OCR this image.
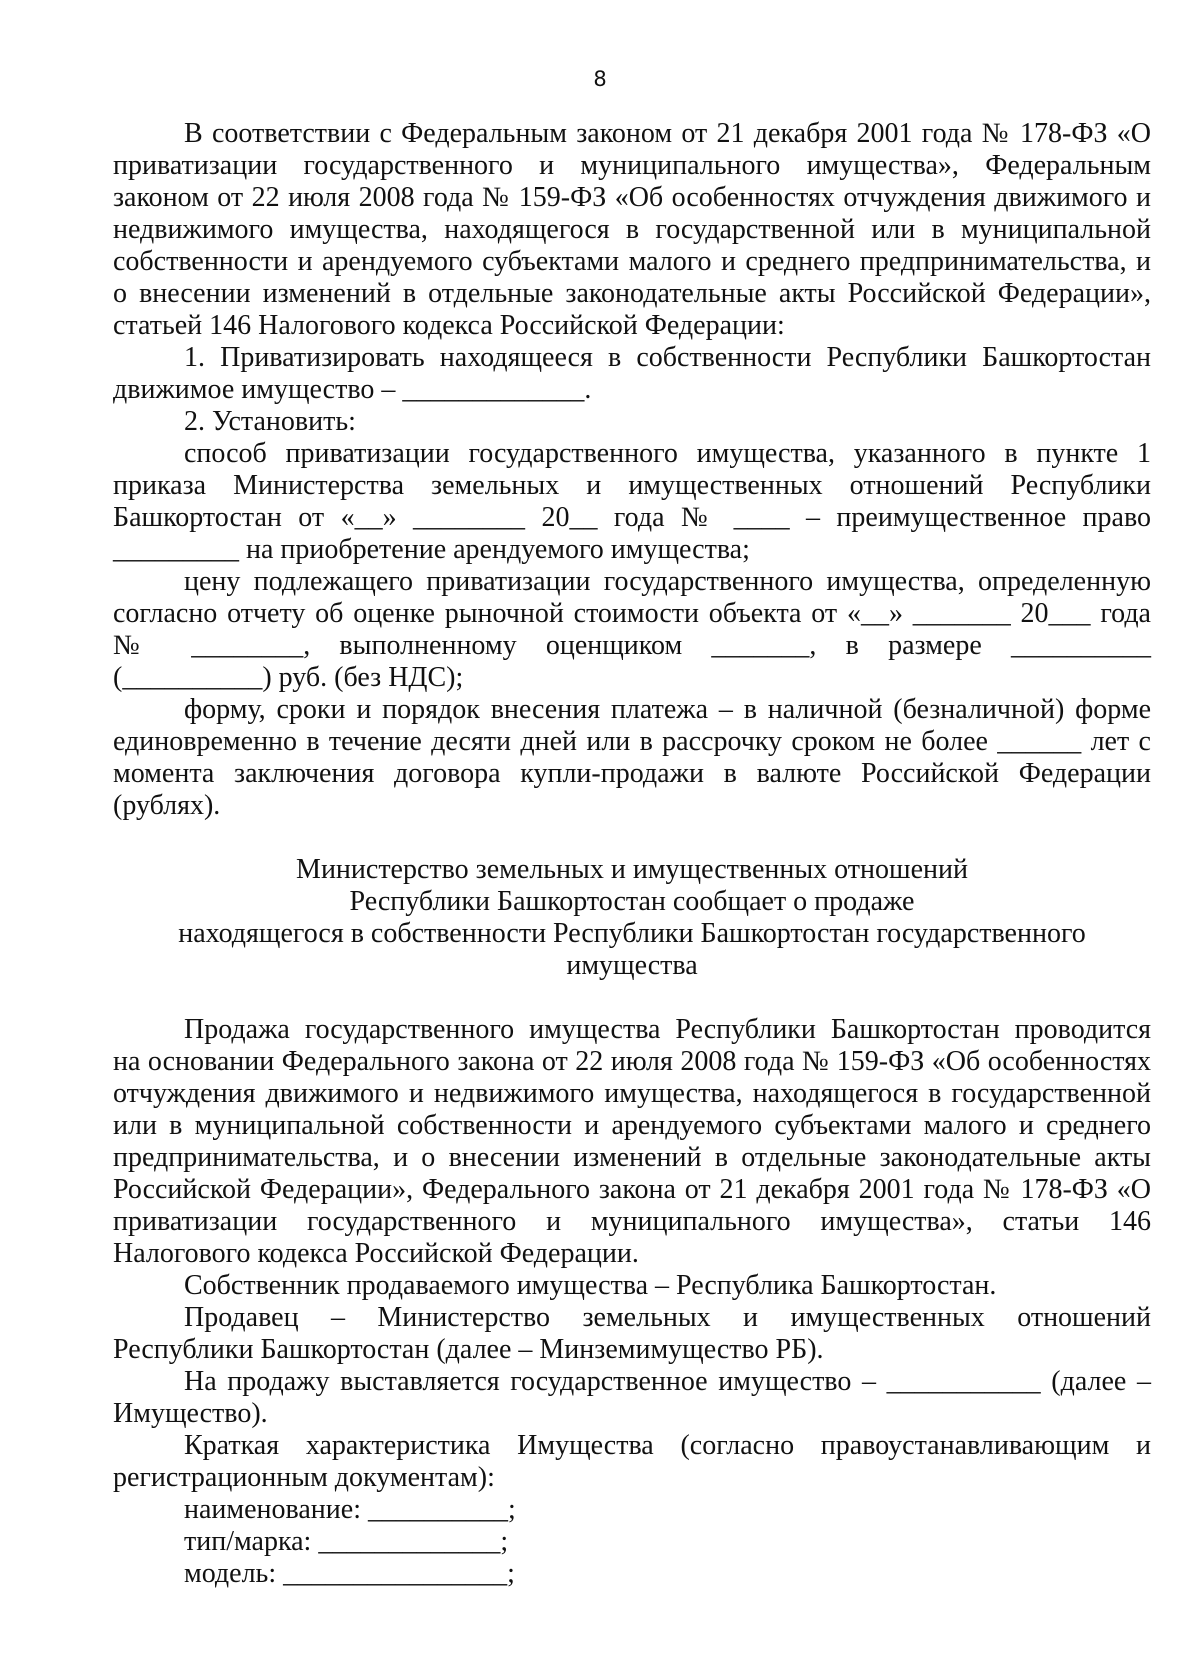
8

В соответствии с Федеральным законом от 21 декабря 2001 года № 178-ФЗ «О
приватизации государственного и муниципального имущества», Федеральным
законом от 22 июля 2008 года № 159-ФЗ «Об особенностях отчуждения движимого и
недвижимого имущества, находящегося в государственной или в муниципальной
собственности и арендуемого субъектами малого и среднего предпринимательства, и
о внесении изменений в отдельные законодательные акты Российской Федерации»,
статьей 146 Налогового кодекса Российской Федерации:

1. Приватизировать находящееся в собственности Республики Башкортостан
движимое имущество – _____________.

2. Установить:

способ приватизации государственного имущества, указанного в пункте 1
приказа Министерства земельных и имущественных отношений Республики
Башкортостан от «__» ________ 20__ года № ____ – преимущественное право
_________ на приобретение арендуемого имущества;

цену подлежащего приватизации государственного имущества, определенную
согласно отчету об оценке рыночной стоимости объекта от «__» _______ 20___ года
№ ________, выполненному оценщиком _______, в размере __________
(__________) руб. (без НДС);

форму, сроки и порядок внесения платежа – в наличной (безналичной) форме
единовременно в течение десяти дней или в рассрочку сроком не более ______ лет с
момента заключения договора купли-продажи в валюте Российской Федерации
(рублях).

Министерство земельных и имущественных отношений
Республики Башкортостан сообщает о продаже
находящегося в собственности Республики Башкортостан государственного
имущества

Продажа государственного имущества Республики Башкортостан проводится
на основании Федерального закона от 22 июля 2008 года № 159-ФЗ «Об особенностях
отчуждения движимого и недвижимого имущества, находящегося в государственной
или в муниципальной собственности и арендуемого субъектами малого и среднего
предпринимательства, и о внесении изменений в отдельные законодательные акты
Российской Федерации», Федерального закона от 21 декабря 2001 года № 178-ФЗ «О
приватизации государственного и муниципального имущества», статьи 146
Налогового кодекса Российской Федерации.

Собственник продаваемого имущества – Республика Башкортостан.

Продавец – Министерство земельных и имущественных отношений
Республики Башкортостан (далее – Минземимущество РБ).

На продажу выставляется государственное имущество – ___________ (далее –
Имущество).

Краткая характеристика Имущества (согласно правоустанавливающим и
регистрационным документам):

наименование: __________;
тип/марка: _____________;
модель: ________________;
